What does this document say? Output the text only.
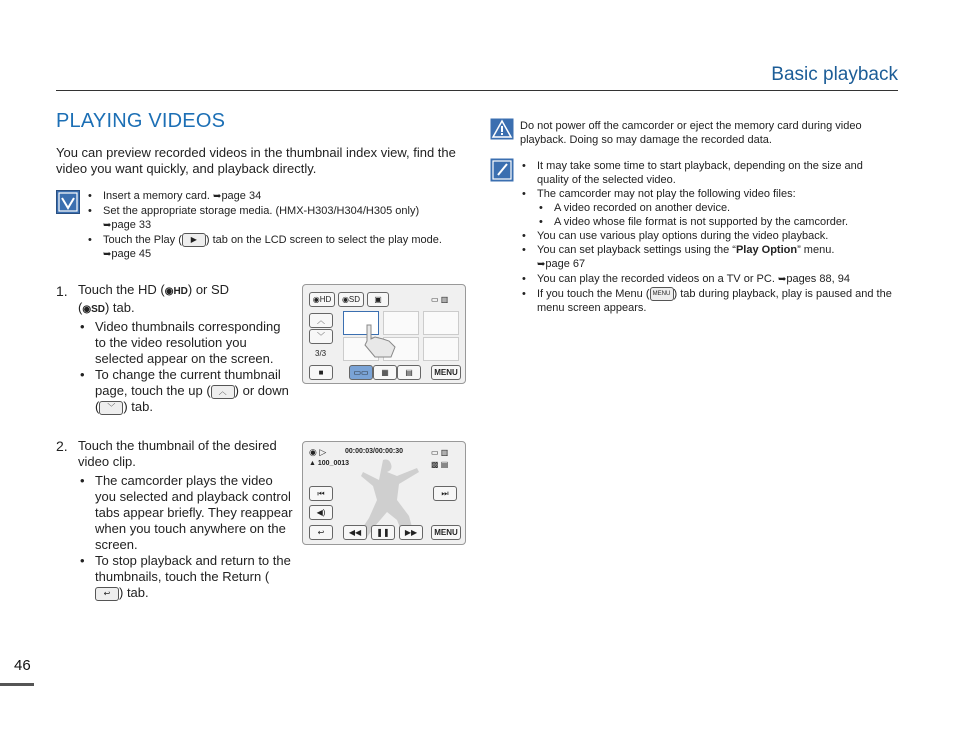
Basic playback
PLAYING VIDEOS
You can preview recorded videos in the thumbnail index view, find the video you want quickly, and playback directly.
• Insert a memory card. ➥page 34
• Set the appropriate storage media. (HMX-H303/H304/H305 only)
➥page 33
• Touch the Play ( ▶ ) tab on the LCD screen to select the play mode.
➥page 45
1. Touch the HD (◉HD) or SD
(◉SD) tab.
• Video thumbnails corresponding to the video resolution you selected appear on the screen.
• To change the current thumbnail page, touch the up ( ︿ ) or down ( ﹀ ) tab.
◉HD	◉SD	▣	▭ ▥
︿
﹀
3/3
■	▭▭	▦	▤	MENU
2. Touch the thumbnail of the desired video clip.
• The camcorder plays the video you selected and playback control tabs appear briefly. They reappear when you touch anywhere on the screen.
• To stop playback and return to the thumbnails, touch the Return (↩ ) tab.
◉ ▷	00:00:03/00:00:30
▲ 100_0013
▭ ▥
▩ ▤
⏮	⏭
◀)
↩	◀◀	❚❚	▶▶	MENU
Do not power off the camcorder or eject the memory card during video playback. Doing so may damage the recorded data.
• It may take some time to start playback, depending on the size and quality of the selected video.
• The camcorder may not play the following video files:
• A video recorded on another device.
• A video whose file format is not supported by the camcorder.
• You can use various play options during the video playback.
• You can set playback settings using the “Play Option” menu.
➥page 67
• You can play the recorded videos on a TV or PC. ➥pages 88, 94
• If you touch the Menu ( MENU ) tab during playback, play is paused and the menu screen appears.
46
